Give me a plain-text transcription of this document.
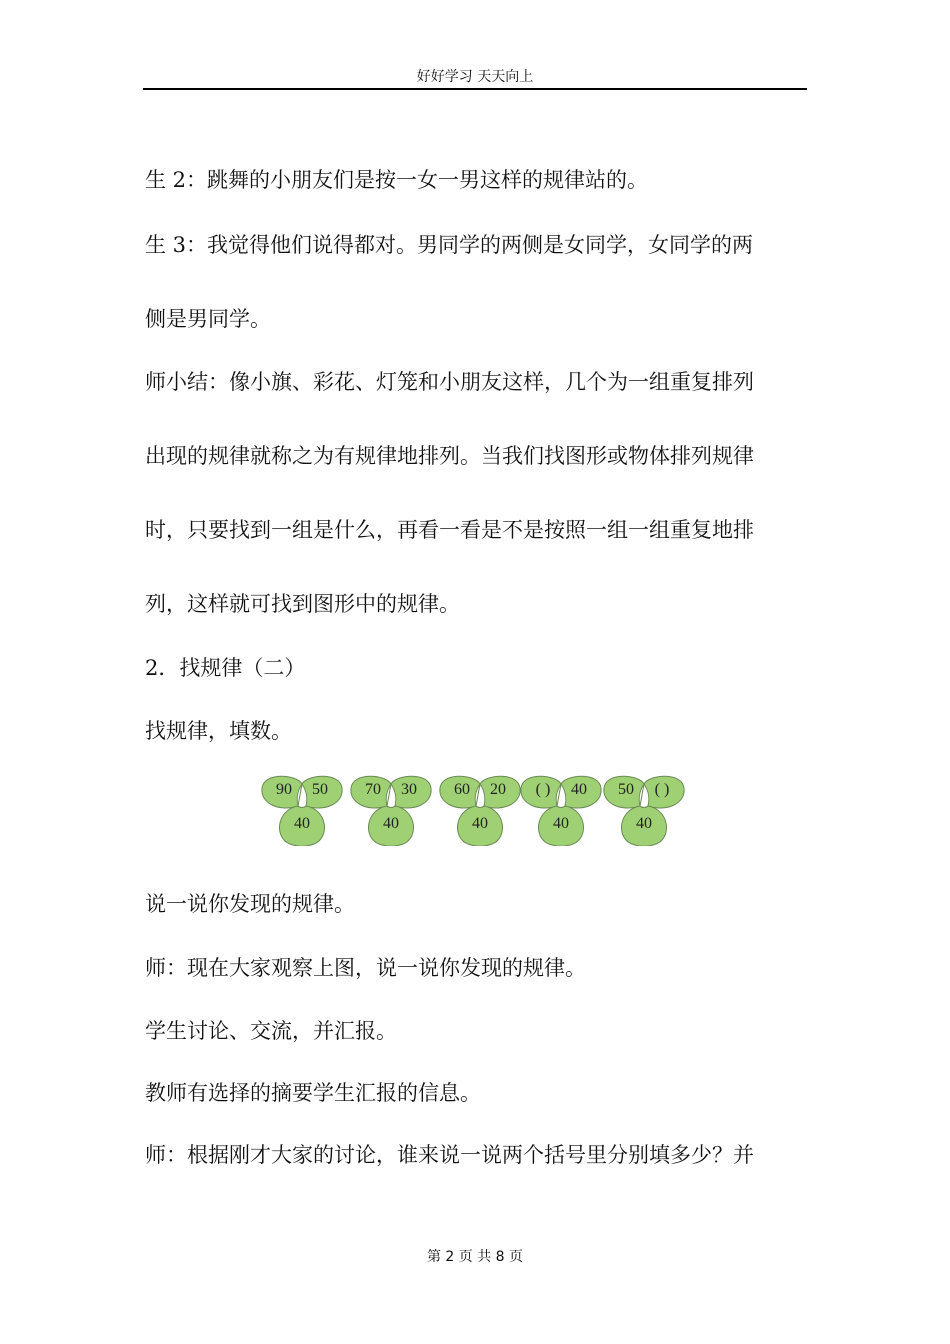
好好学习 天天向上
生 2：跳舞的小朋友们是按一女一男这样的规律站的。
生 3：我觉得他们说得都对。男同学的两侧是女同学，女同学的两
侧是男同学。
师小结：像小旗、彩花、灯笼和小朋友这样，几个为一组重复排列
出现的规律就称之为有规律地排列。当我们找图形或物体排列规律
时，只要找到一组是什么，再看一看是不是按照一组一组重复地排
列，这样就可找到图形中的规律。
2．找规律（二）
找规律，填数。
90 50
40
70 30
40
60 20
40
( ) 40
40
50 ( )
40
说一说你发现的规律。
师：现在大家观察上图，说一说你发现的规律。
学生讨论、交流，并汇报。
教师有选择的摘要学生汇报的信息。
师：根据刚才大家的讨论，谁来说一说两个括号里分别填多少？并
第 2 页 共 8 页
